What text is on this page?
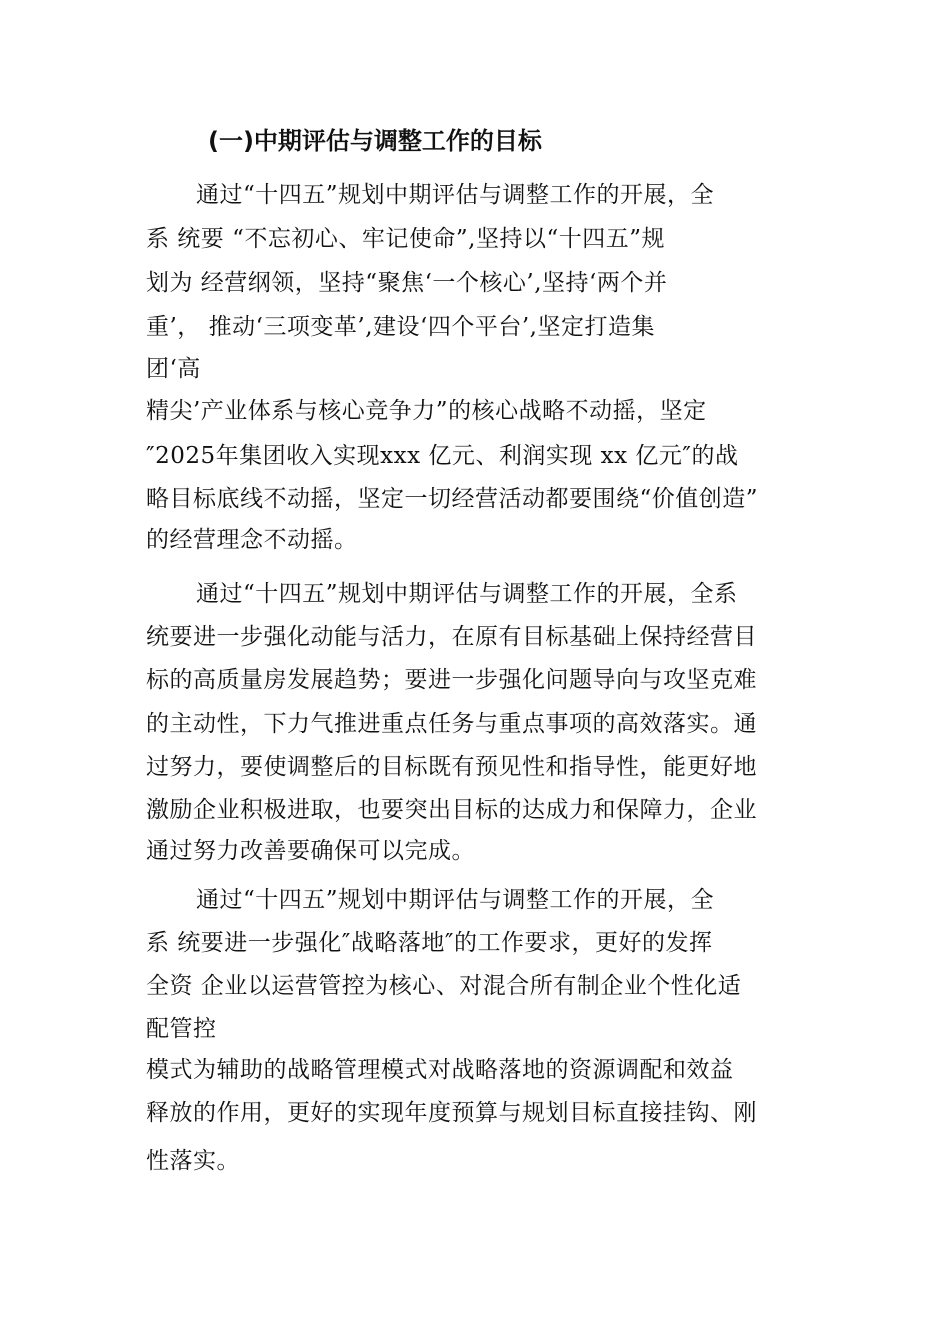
(一)中期评估与调整工作的目标
通过“十四五”规划中期评估与调整工作的开展，全
系 统要 “不忘初心、牢记使命”,坚持以“十四五”规
划为 经营纲领，坚持“聚焦‘一个核心’,坚持‘两个并
重’， 推动‘三项变革’,建设‘四个平台’,坚定打造集
团‘高
精尖’产业体系与核心竞争力”的核心战略不动摇，坚定
″2025年集团收入实现xxx 亿元、利润实现 xx 亿元″的战
略目标底线不动摇，坚定一切经营活动都要围绕“价值创造”
的经营理念不动摇。
通过“十四五”规划中期评估与调整工作的开展，全系
统要进一步强化动能与活力，在原有目标基础上保持经营目
标的高质量房发展趋势；要进一步强化问题导向与攻坚克难
的主动性，下力气推进重点任务与重点事项的高效落实。通
过努力，要使调整后的目标既有预见性和指导性，能更好地
激励企业积极进取，也要突出目标的达成力和保障力，企业
通过努力改善要确保可以完成。
通过“十四五”规划中期评估与调整工作的开展，全
系 统要进一步强化″战略落地″的工作要求，更好的发挥
全资 企业以运营管控为核心、对混合所有制企业个性化适
配管控
模式为辅助的战略管理模式对战略落地的资源调配和效益
释放的作用，更好的实现年度预算与规划目标直接挂钩、刚
性落实。
